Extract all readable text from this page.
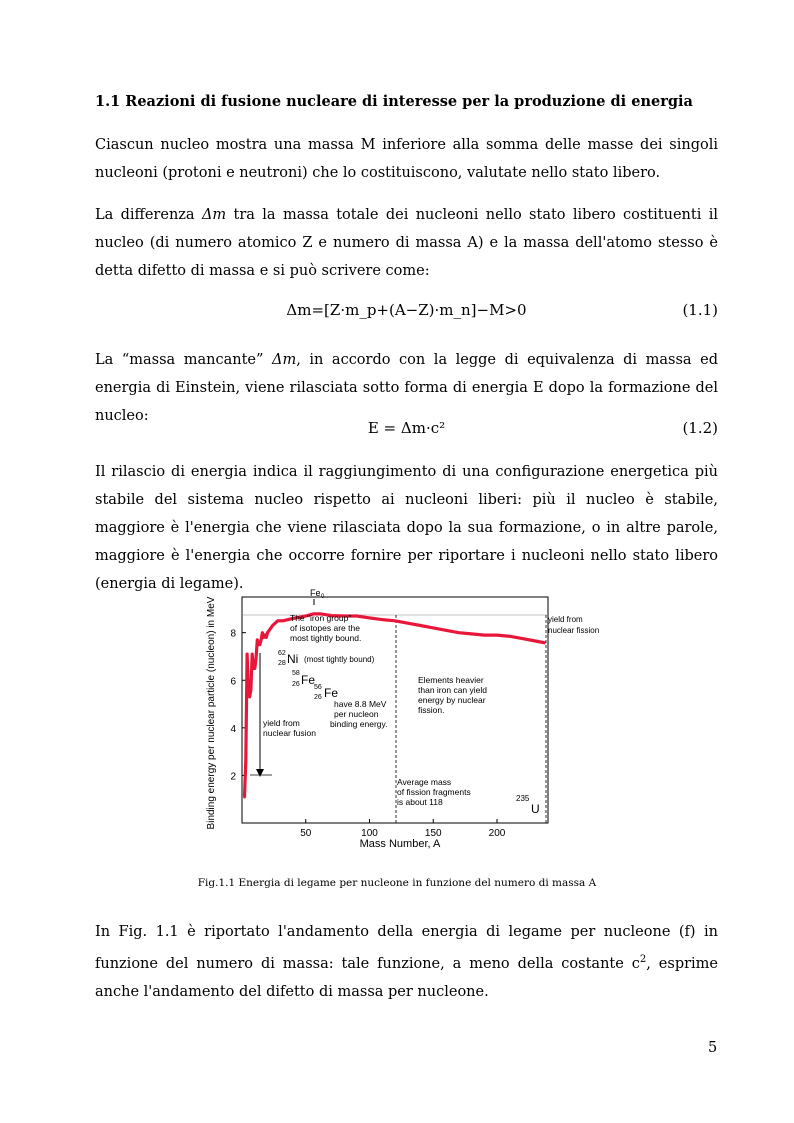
1.1 Reazioni di fusione nucleare di interesse per la produzione di energia
Ciascun nucleo mostra una massa M inferiore alla somma delle masse dei singoli nucleoni (protoni e neutroni) che lo costituiscono, valutate nello stato libero.
La differenza Δm tra la massa totale dei nucleoni nello stato libero costituenti il nucleo (di numero atomico Z e numero di massa A) e la massa dell'atomo stesso è detta difetto di massa e si può scrivere come:
Δm=[Z·m_p+(A−Z)·m_n]−M>0	(1.1)
La “massa mancante” Δm, in accordo con la legge di equivalenza di massa ed energia di Einstein, viene rilasciata sotto forma di energia E dopo la formazione del nucleo:
E = Δm·c²	(1.2)
Il rilascio di energia indica il raggiungimento di una configurazione energetica più stabile del sistema nucleo rispetto ai nucleoni liberi: più il nucleo è stabile, maggiore è l'energia che viene rilasciata dopo la sua formazione, o in altre parole, maggiore è l'energia che occorre fornire per riportare i nucleoni nello stato libero (energia di legame).
2
4
6
8
50	100	150	200
Mass Number, A
Binding energy per nuclear particle (nucleon) in MeV
Fe 0
The "iron group"
of isotopes are the
most tightly bound.
62
28 Ni (most tightly bound)
58
26 Fe
56
26 Fe
have 8.8 MeV
per nucleon
binding energy.
yield from
nuclear fusion
Elements heavier
than iron can yield
energy by nuclear
fission.
yield from
nuclear fission
Average mass
of fission fragments
is about 118	235
U
Fig.1.1 Energia di legame per nucleone in funzione del numero di massa A
In Fig. 1.1 è riportato l'andamento della energia di legame per nucleone (f) in funzione del numero di massa: tale funzione, a meno della costante $c^2$, esprime anche l'andamento del difetto di massa per nucleone.
5
